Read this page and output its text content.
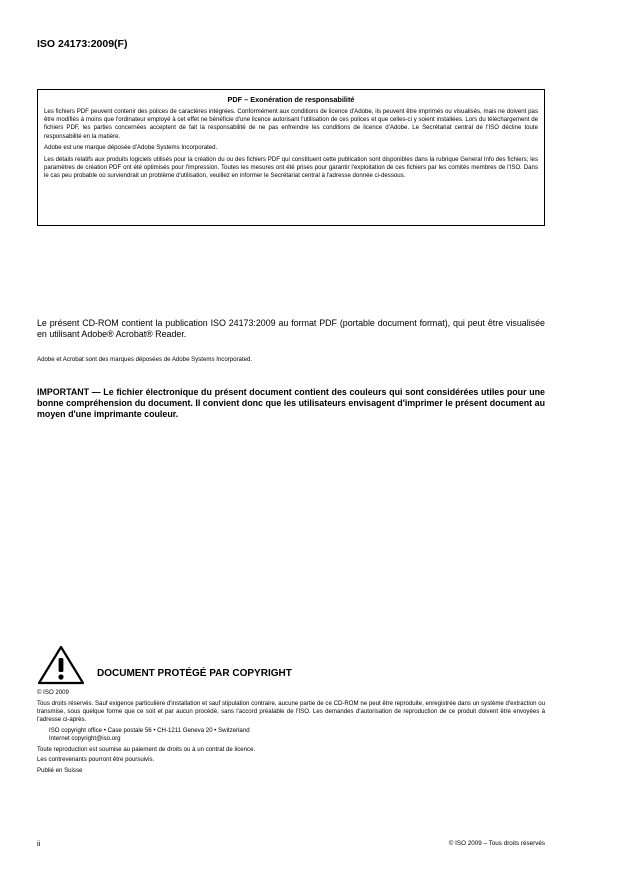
ISO 24173:2009(F)
PDF – Exonération de responsabilité

Les fichiers PDF peuvent contenir des polices de caractères intégrées. Conformément aux conditions de licence d'Adobe, ils peuvent être imprimés ou visualisés, mais ne doivent pas être modifiés à moins que l'ordinateur employé à cet effet ne bénéficie d'une licence autorisant l'utilisation de ces polices et que celles-ci y soient installées. Lors du téléchargement de fichiers PDF, les parties concernées acceptent de fait la responsabilité de ne pas enfreindre les conditions de licence d'Adobe. Le Secrétariat central de l'ISO décline toute responsabilité en la matière.

Adobe est une marque déposée d'Adobe Systems Incorporated.

Les détails relatifs aux produits logiciels utilisés pour la création du ou des fichiers PDF qui constituent cette publication sont disponibles dans la rubrique General Info des fichiers; les paramètres de création PDF ont été optimisés pour l'impression. Toutes les mesures ont été prises pour garantir l'exploitation de ces fichiers par les comités membres de l'ISO. Dans le cas peu probable où surviendrait un problème d'utilisation, veuillez en informer le Secrétariat central à l'adresse donnée ci-dessous.

Le présent CD-ROM contient la publication ISO 24173:2009 au format PDF (portable document format), qui peut être visualisée en utilisant Adobe® Acrobat® Reader.
Adobe et Acrobat sont des marques déposées de Adobe Systems Incorporated.
IMPORTANT — Le fichier électronique du présent document contient des couleurs qui sont considérées utiles pour une bonne compréhension du document. Il convient donc que les utilisateurs envisagent d'imprimer le présent document au moyen d'une imprimante couleur.
DOCUMENT PROTÉGÉ PAR COPYRIGHT

© ISO 2009

Tous droits réservés. Sauf exigence particulière d'installation et sauf stipulation contraire, aucune partie de ce CD-ROM ne peut être reproduite, enregistrée dans un système d'extraction ou transmise, sous quelque forme que ce soit et par aucun procédé, sans l'accord préalable de l'ISO. Les demandes d'autorisation de reproduction de ce produit doivent être envoyées à l'adresse ci-après.

ISO copyright office • Case postale 56 • CH-1211 Geneva 20 • Switzerland

Internet copyright@iso.org

Toute reproduction est soumise au paiement de droits ou à un contrat de licence.

Les contrevenants pourront être poursuivis.

Publié en Suisse

ii	© ISO 2009 – Tous droits réservés
